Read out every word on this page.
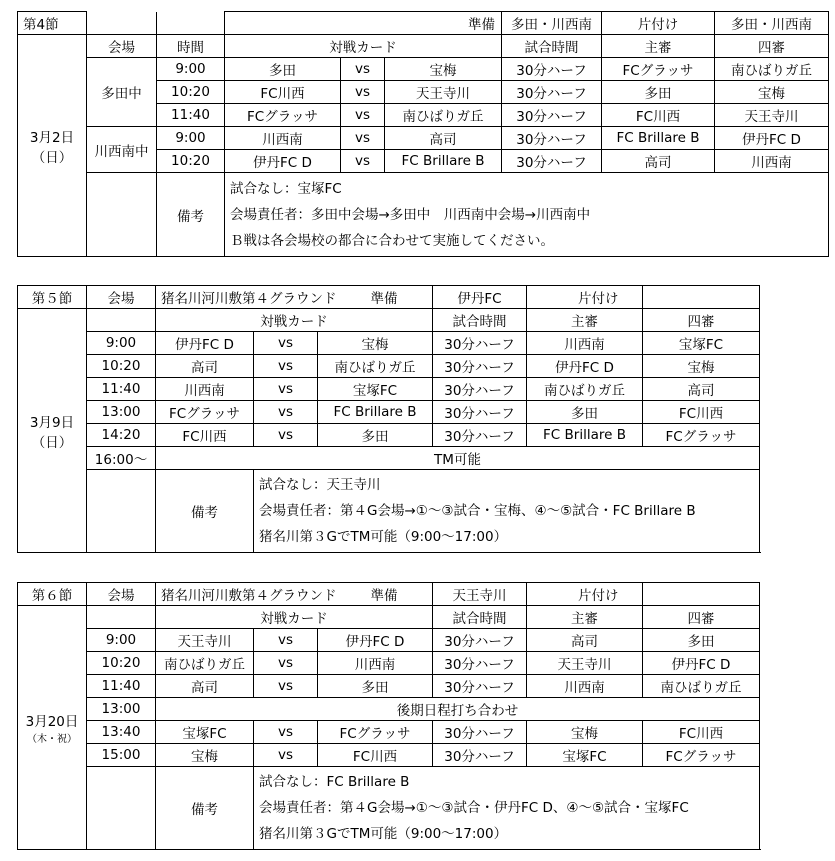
第4節			準備			多田・川西南	片付け	多田・川西南

3月2日
（日）	会場	時間	対戦カード			試合時間	主審	四審
	多田中	9:00	多田	vs	宝梅	30分ハーフ	FCグラッサ	南ひばりガ丘
		10:20	FC川西	vs	天王寺川	30分ハーフ	多田	宝梅
		11:40	FCグラッサ	vs	南ひばりガ丘	30分ハーフ	FC川西	天王寺川
	川西南中	9:00	川西南	vs	高司	30分ハーフ	FC Brillare B	伊丹FC D
		10:20	伊丹FC D	vs	FC Brillare B	30分ハーフ	高司	川西南
		備考	試合なし：宝塚FC
会場責任者：多田中会場→多田中　川西南中会場→川西南中
Ｂ戦は各会場校の都合に合わせて実施してください。					
第５節	会場	猪名川河川敷第４グラウンド 準備			伊丹FC	片付け	

3月9日
（日）		対戦カード			試合時間	主審	四審
	9:00	伊丹FC D	vs	宝梅	30分ハーフ	川西南	宝塚FC
	10:20	高司	vs	南ひばりガ丘	30分ハーフ	伊丹FC D	宝梅
	11:40	川西南	vs	宝塚FC	30分ハーフ	南ひばりガ丘	高司
	13:00	FCグラッサ	vs	FC Brillare B	30分ハーフ	多田	FC川西
	14:20	FC川西	vs	多田	30分ハーフ	FC Brillare B	FCグラッサ
	16:00～	TM可能					
		備考	試合なし：天王寺川
会場責任者：第４G会場→①～③試合・宝梅、④～⑤試合・FC Brillare B
猪名川第３GでTM可能（9:00～17:00）				
第６節	会場	猪名川河川敷第４グラウンド 準備			天王寺川	片付け	

3月20日
（木・祝）		対戦カード			試合時間	主審	四審
	9:00	天王寺川	vs	伊丹FC D	30分ハーフ	高司	多田
	10:20	南ひばりガ丘	vs	川西南	30分ハーフ	天王寺川	伊丹FC D
	11:40	高司	vs	多田	30分ハーフ	川西南	南ひばりガ丘
	13:00	後期日程打ち合わせ					
	13:40	宝塚FC	vs	FCグラッサ	30分ハーフ	宝梅	FC川西
	15:00	宝梅	vs	FC川西	30分ハーフ	宝塚FC	FCグラッサ
		備考	試合なし：FC Brillare B
会場責任者：第４G会場→①～③試合・伊丹FC D、④～⑤試合・宝塚FC
猪名川第３GでTM可能（9:00～17:00）				
